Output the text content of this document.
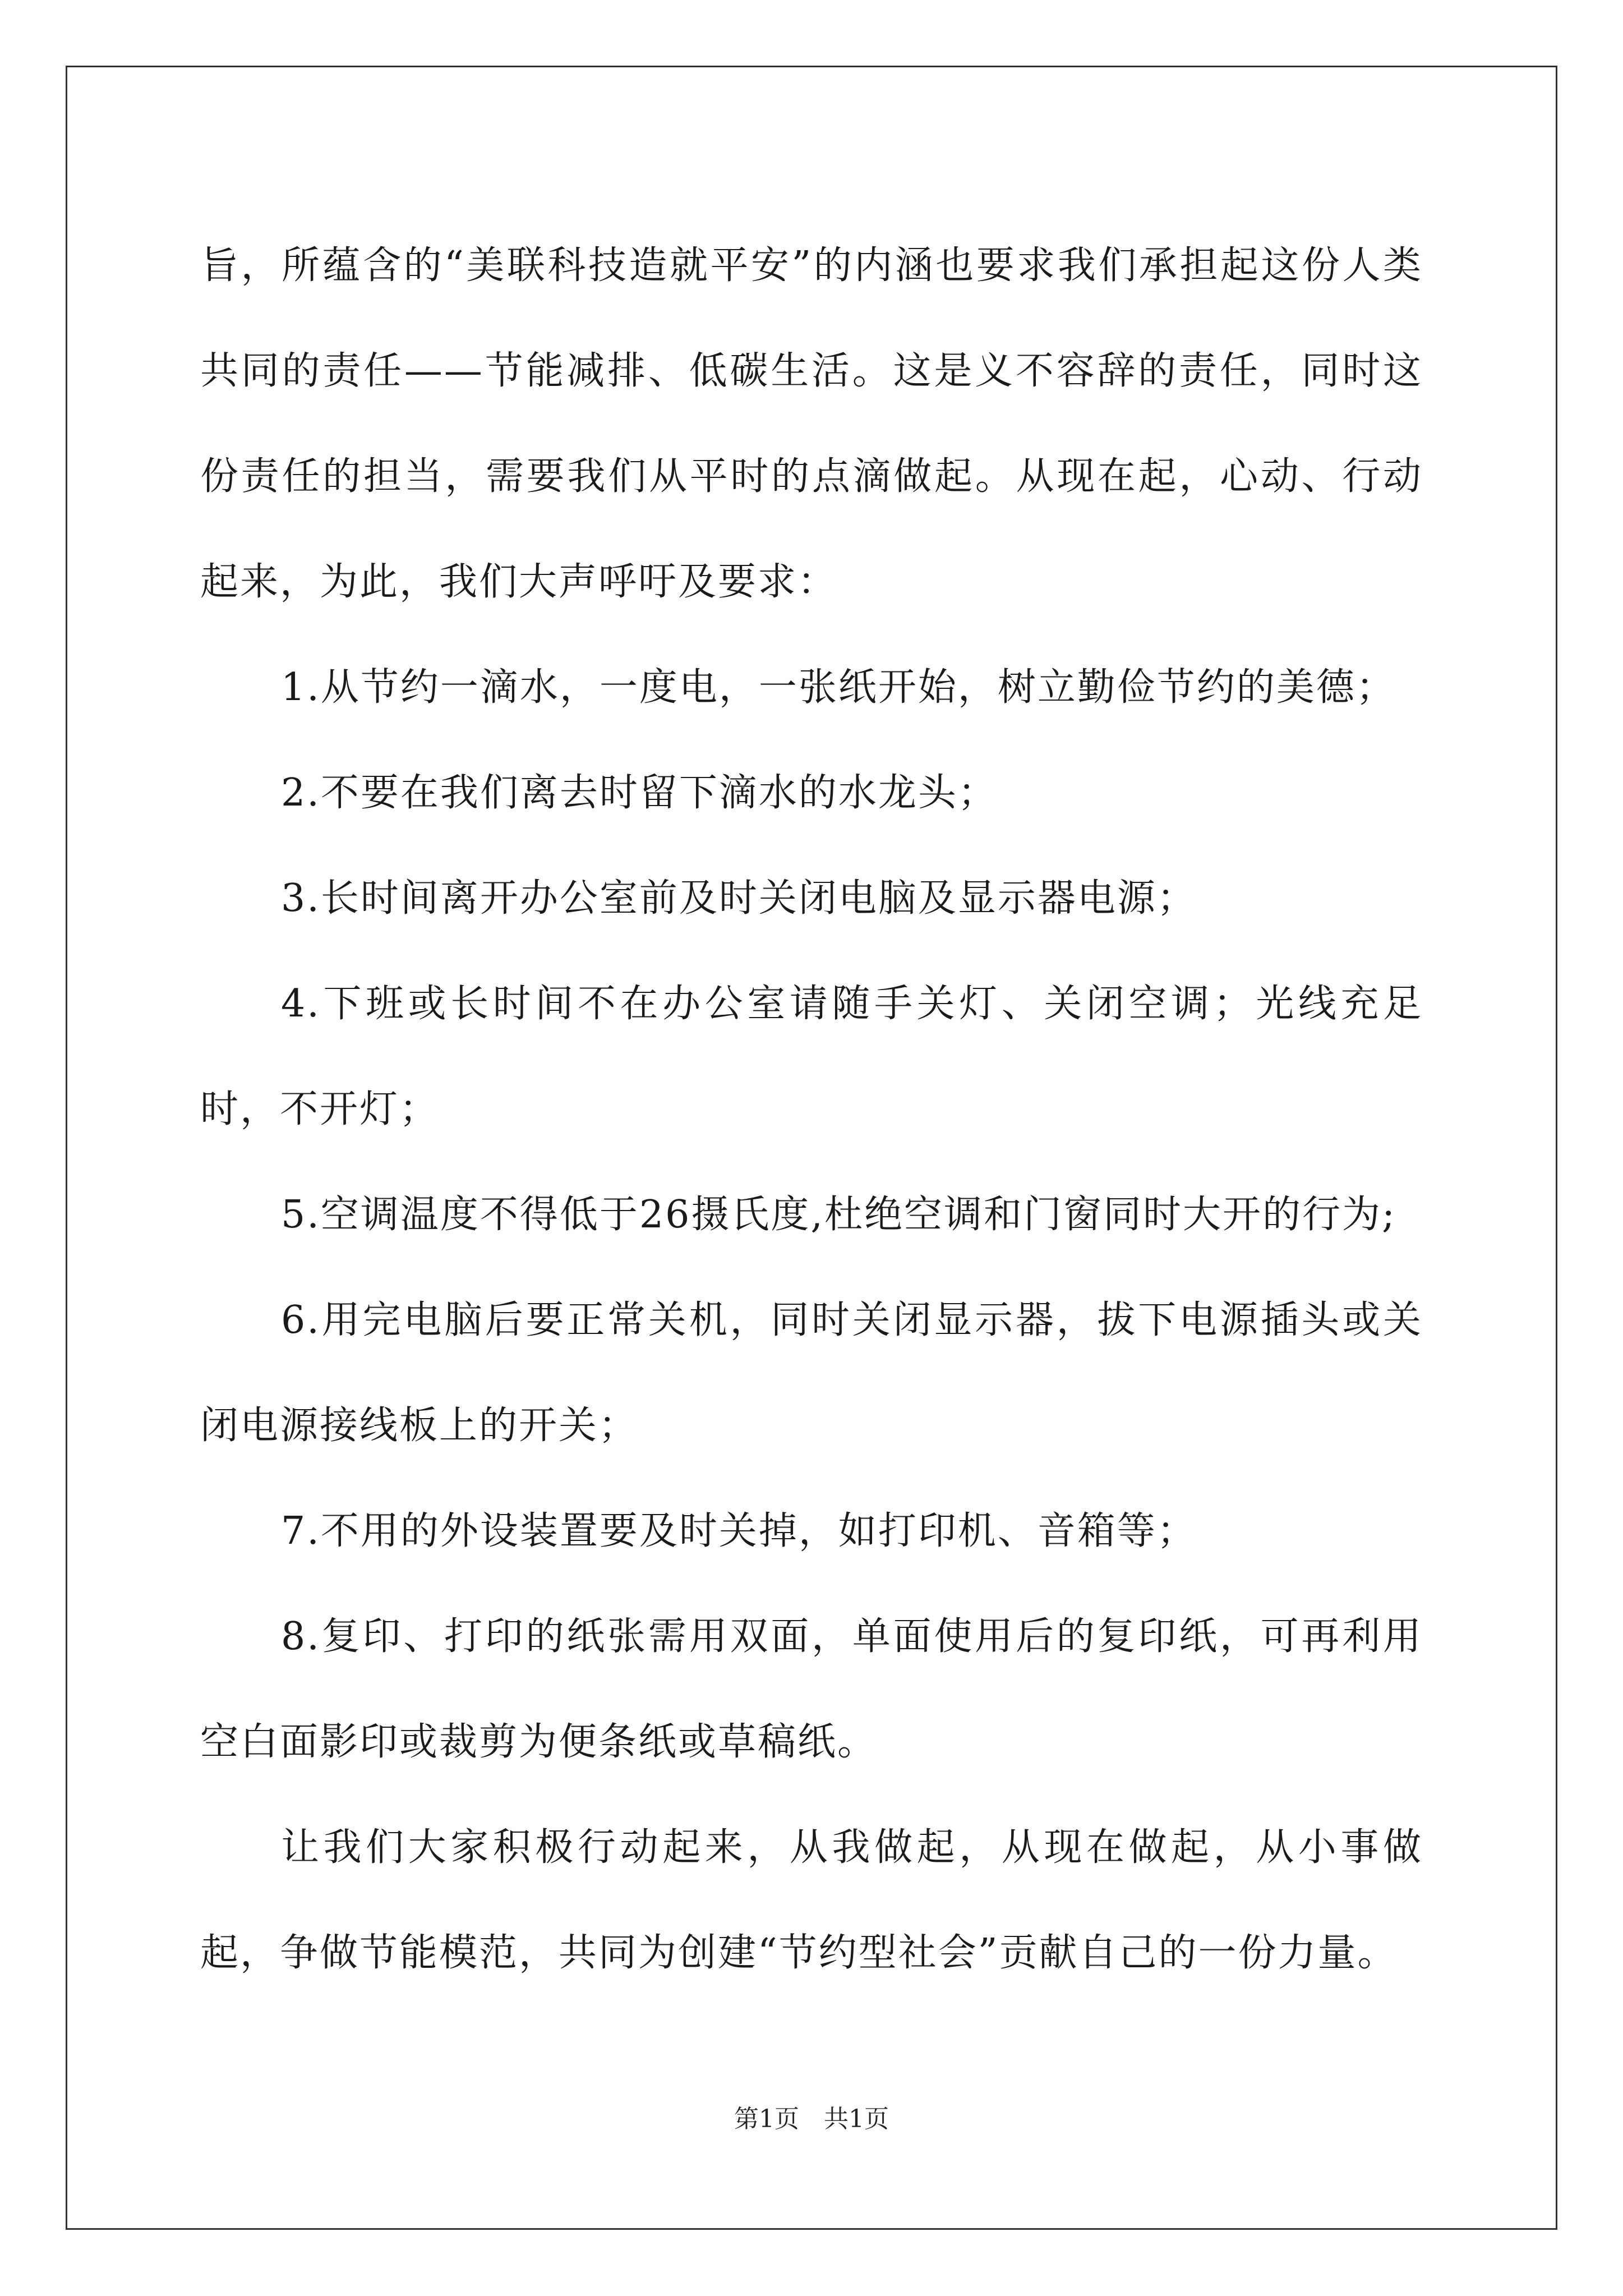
旨，所蕴含的“美联科技造就平安”的内涵也要求我们承担起这份人类共同的责任——节能减排、低碳生活。这是义不容辞的责任，同时这份责任的担当，需要我们从平时的点滴做起。从现在起，心动、行动起来，为此，我们大声呼吁及要求：

1.从节约一滴水，一度电，一张纸开始，树立勤俭节约的美德；

2.不要在我们离去时留下滴水的水龙头；

3.长时间离开办公室前及时关闭电脑及显示器电源；

4.下班或长时间不在办公室请随手关灯、关闭空调；光线充足时，不开灯；

5.空调温度不得低于26摄氏度,杜绝空调和门窗同时大开的行为;

6.用完电脑后要正常关机，同时关闭显示器，拔下电源插头或关闭电源接线板上的开关；

7.不用的外设装置要及时关掉，如打印机、音箱等；

8.复印、打印的纸张需用双面，单面使用后的复印纸，可再利用空白面影印或裁剪为便条纸或草稿纸。

让我们大家积极行动起来，从我做起，从现在做起，从小事做起，争做节能模范，共同为创建“节约型社会”贡献自己的一份力量。

第1页　共1页
